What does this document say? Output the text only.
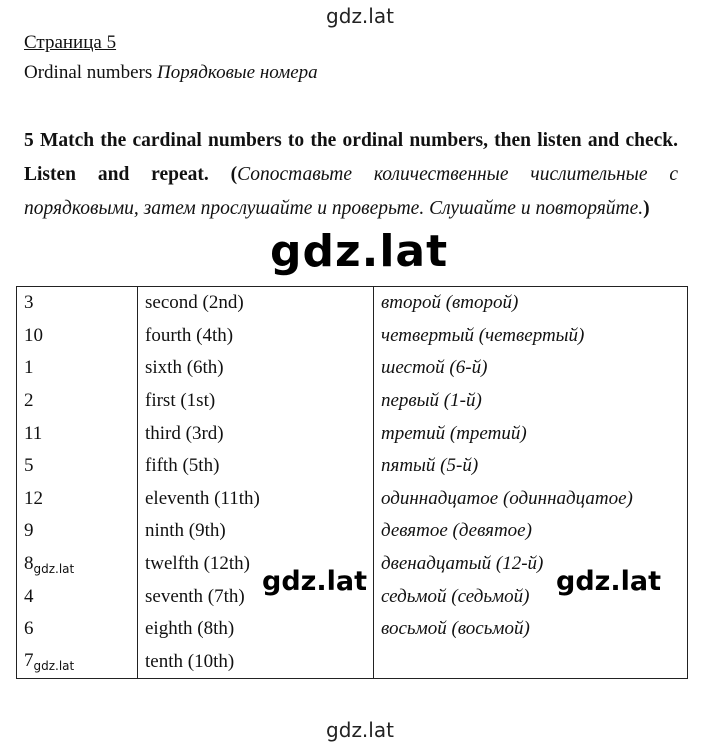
gdz.lat
Страница 5
Ordinal numbers Порядковые номера
5 Match the cardinal numbers to the ordinal numbers, then listen and check. Listen and repeat. (Сопоставьте количественные числительные с порядковыми, затем прослушайте и проверьте. Слушайте и повторяйте.)
gdz.lat
3	second (2nd)	второй (второй)
10	fourth (4th)	четвертый (четвертый)
1	sixth (6th)	шестой (6-й)
2	first (1st)	первый (1-й)
11	third (3rd)	третий (третий)
5	fifth (5th)	пятый (5-й)
12	eleventh (11th)	одиннадцатое (одиннадцатое)
9	ninth (9th)	девятое (девятое)
$8_{gdz.lat}$	twelfth (12th)	двенадцатый (12-й)
4	seventh (7th)	седьмой (седьмой)
6	eighth (8th)	восьмой (восьмой)
$7_{gdz.lat}$	tenth (10th)	
gdz.lat	gdz.lat
gdz.lat
